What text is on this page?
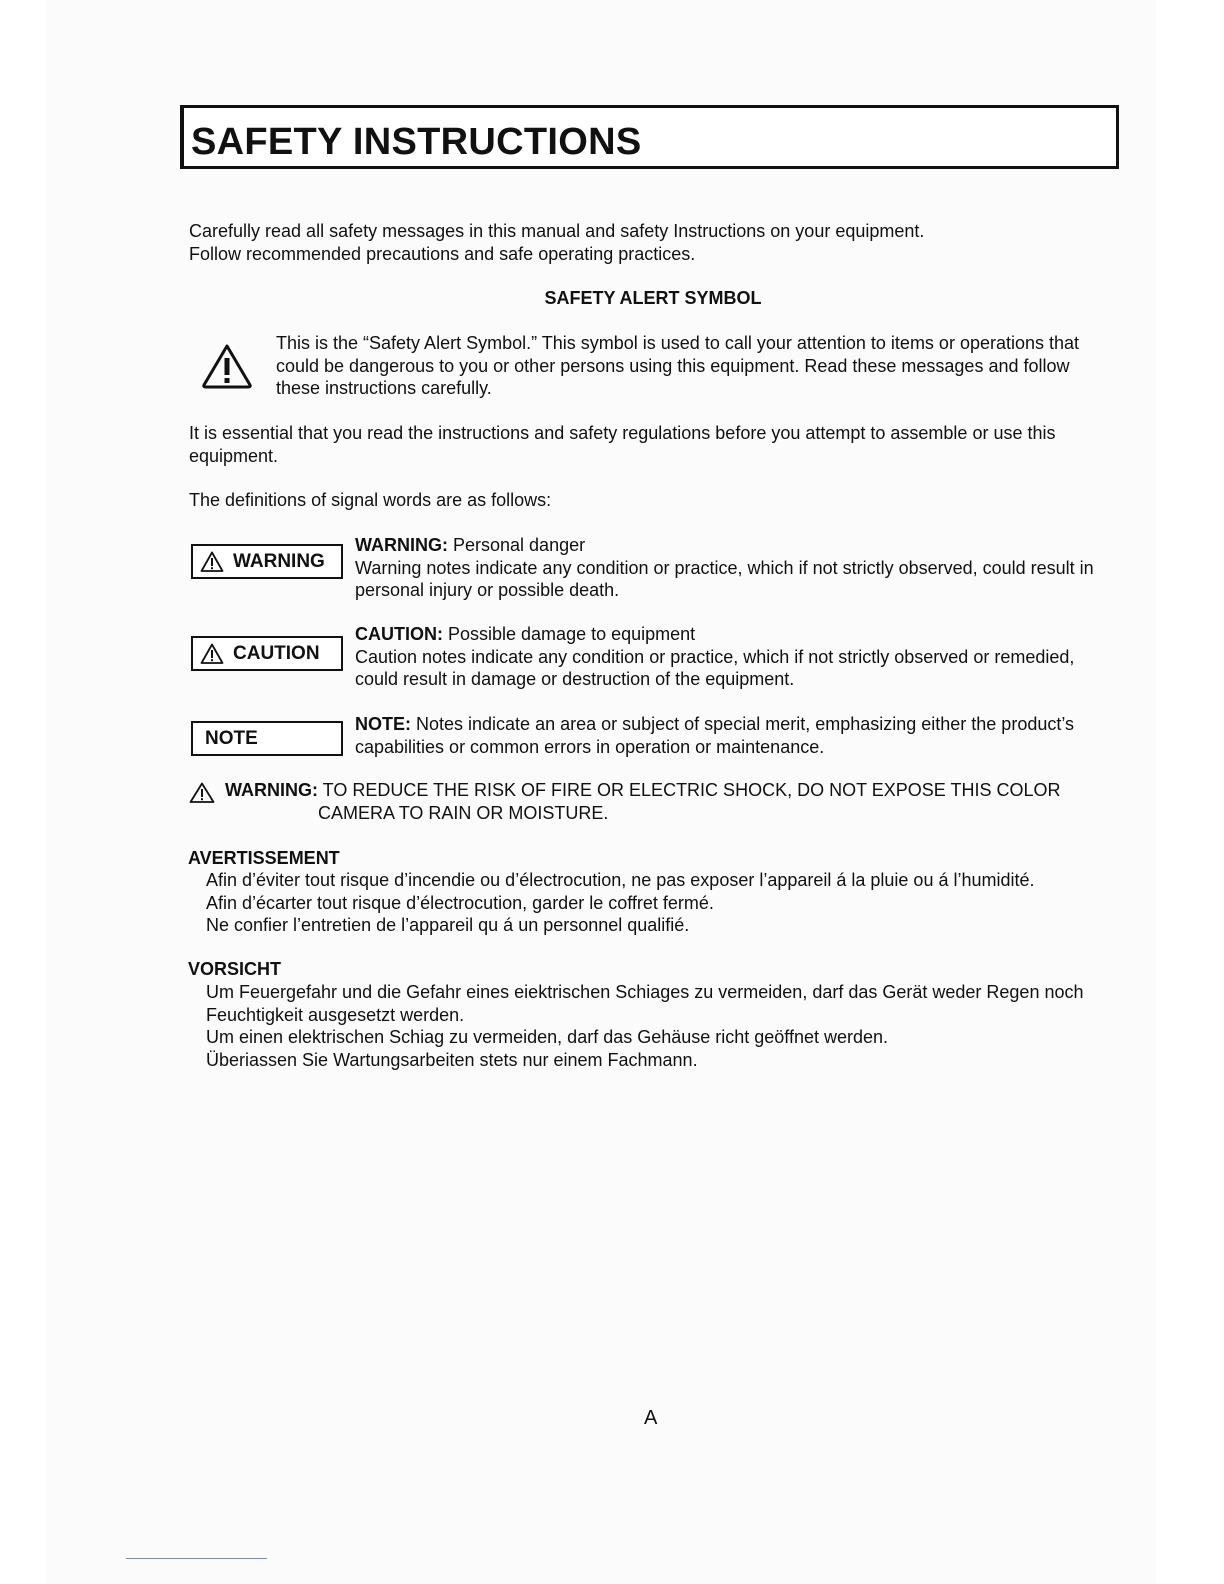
SAFETY INSTRUCTIONS

Carefully read all safety messages in this manual and safety Instructions on your equipment.
Follow recommended precautions and safe operating practices.

SAFETY ALERT SYMBOL

This is the “Safety Alert Symbol.” This symbol is used to call your attention to items or operations that could be dangerous to you or other persons using this equipment. Read these messages and follow these instructions carefully.

It is essential that you read the instructions and safety regulations before you attempt to assemble or use this equipment.

The definitions of signal words are as follows:

WARNING

WARNING: Personal danger
Warning notes indicate any condition or practice, which if not strictly observed, could result in personal injury or possible death.

CAUTION

CAUTION: Possible damage to equipment
Caution notes indicate any condition or practice, which if not strictly observed or remedied, could result in damage or destruction of the equipment.

NOTE

NOTE: Notes indicate an area or subject of special merit, emphasizing either the product’s capabilities or common errors in operation or maintenance.

WARNING: TO REDUCE THE RISK OF FIRE OR ELECTRIC SHOCK, DO NOT EXPOSE THIS COLOR
CAMERA TO RAIN OR MOISTURE.

AVERTISSEMENT

Afin d’éviter tout risque d’incendie ou d’électrocution, ne pas exposer l’appareil á la pluie ou á l’humidité.
Afin d’écarter tout risque d’électrocution, garder le coffret fermé.
Ne confier l’entretien de l’appareil qu á un personnel qualifié.

VORSICHT

Um Feuergefahr und die Gefahr eines eiektrischen Schiages zu vermeiden, darf das Gerät weder Regen noch Feuchtigkeit ausgesetzt werden.
Um einen elektrischen Schiag zu vermeiden, darf das Gehäuse richt geöffnet werden.
Überiassen Sie Wartungsarbeiten stets nur einem Fachmann.

A
